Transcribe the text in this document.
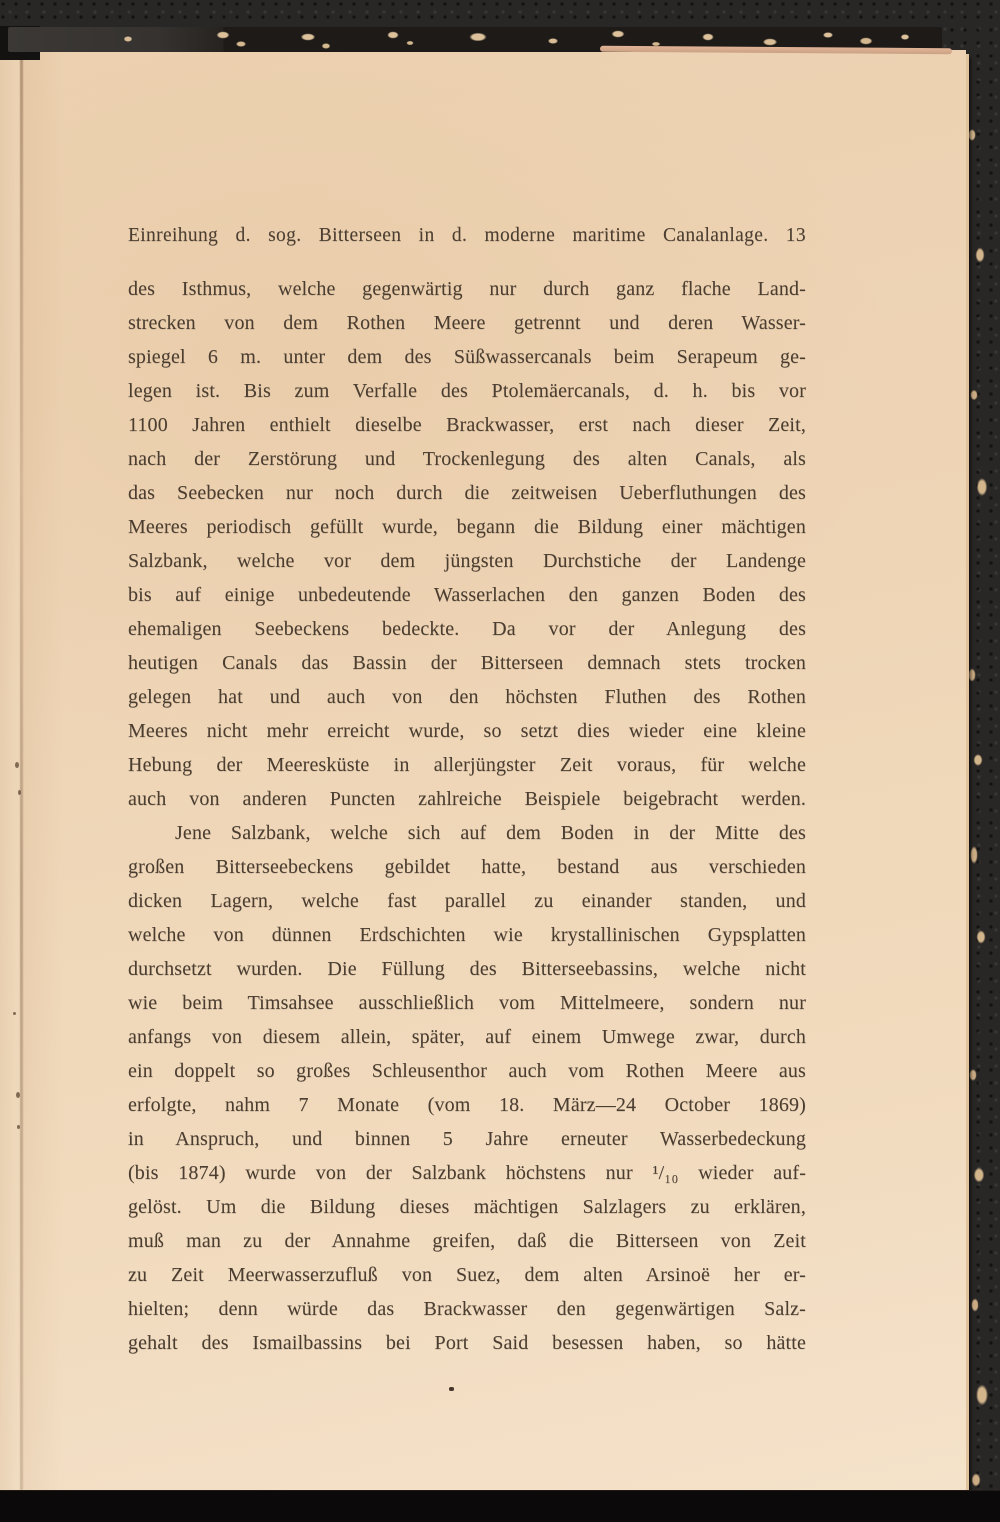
Einreihung d. sog. Bitterseen in d. moderne maritime Canalanlage. 13
des Isthmus, welche gegenwärtig nur durch ganz flache Land-
strecken von dem Rothen Meere getrennt und deren Wasser-
spiegel 6 m. unter dem des Süßwassercanals beim Serapeum ge-
legen ist. Bis zum Verfalle des Ptolemäercanals, d. h. bis vor
1100 Jahren enthielt dieselbe Brackwasser, erst nach dieser Zeit,
nach der Zerstörung und Trockenlegung des alten Canals, als
das Seebecken nur noch durch die zeitweisen Ueberfluthungen des
Meeres periodisch gefüllt wurde, begann die Bildung einer mächtigen
Salzbank, welche vor dem jüngsten Durchstiche der Landenge
bis auf einige unbedeutende Wasserlachen den ganzen Boden des
ehemaligen Seebeckens bedeckte. Da vor der Anlegung des
heutigen Canals das Bassin der Bitterseen demnach stets trocken
gelegen hat und auch von den höchsten Fluthen des Rothen
Meeres nicht mehr erreicht wurde, so setzt dies wieder eine kleine
Hebung der Meeresküste in allerjüngster Zeit voraus, für welche
auch von anderen Puncten zahlreiche Beispiele beigebracht werden.
Jene Salzbank, welche sich auf dem Boden in der Mitte des
großen Bitterseebeckens gebildet hatte, bestand aus verschieden
dicken Lagern, welche fast parallel zu einander standen, und
welche von dünnen Erdschichten wie krystallinischen Gypsplatten
durchsetzt wurden. Die Füllung des Bitterseebassins, welche nicht
wie beim Timsahsee ausschließlich vom Mittelmeere, sondern nur
anfangs von diesem allein, später, auf einem Umwege zwar, durch
ein doppelt so großes Schleusenthor auch vom Rothen Meere aus
erfolgte, nahm 7 Monate (vom 18. März—24 October 1869)
in Anspruch, und binnen 5 Jahre erneuter Wasserbedeckung
(bis 1874) wurde von der Salzbank höchstens nur ¹/₁₀ wieder auf-
gelöst. Um die Bildung dieses mächtigen Salzlagers zu erklären,
muß man zu der Annahme greifen, daß die Bitterseen von Zeit
zu Zeit Meerwasserzufluß von Suez, dem alten Arsinoë her er-
hielten; denn würde das Brackwasser den gegenwärtigen Salz-
gehalt des Ismailbassins bei Port Said besessen haben, so hätte
